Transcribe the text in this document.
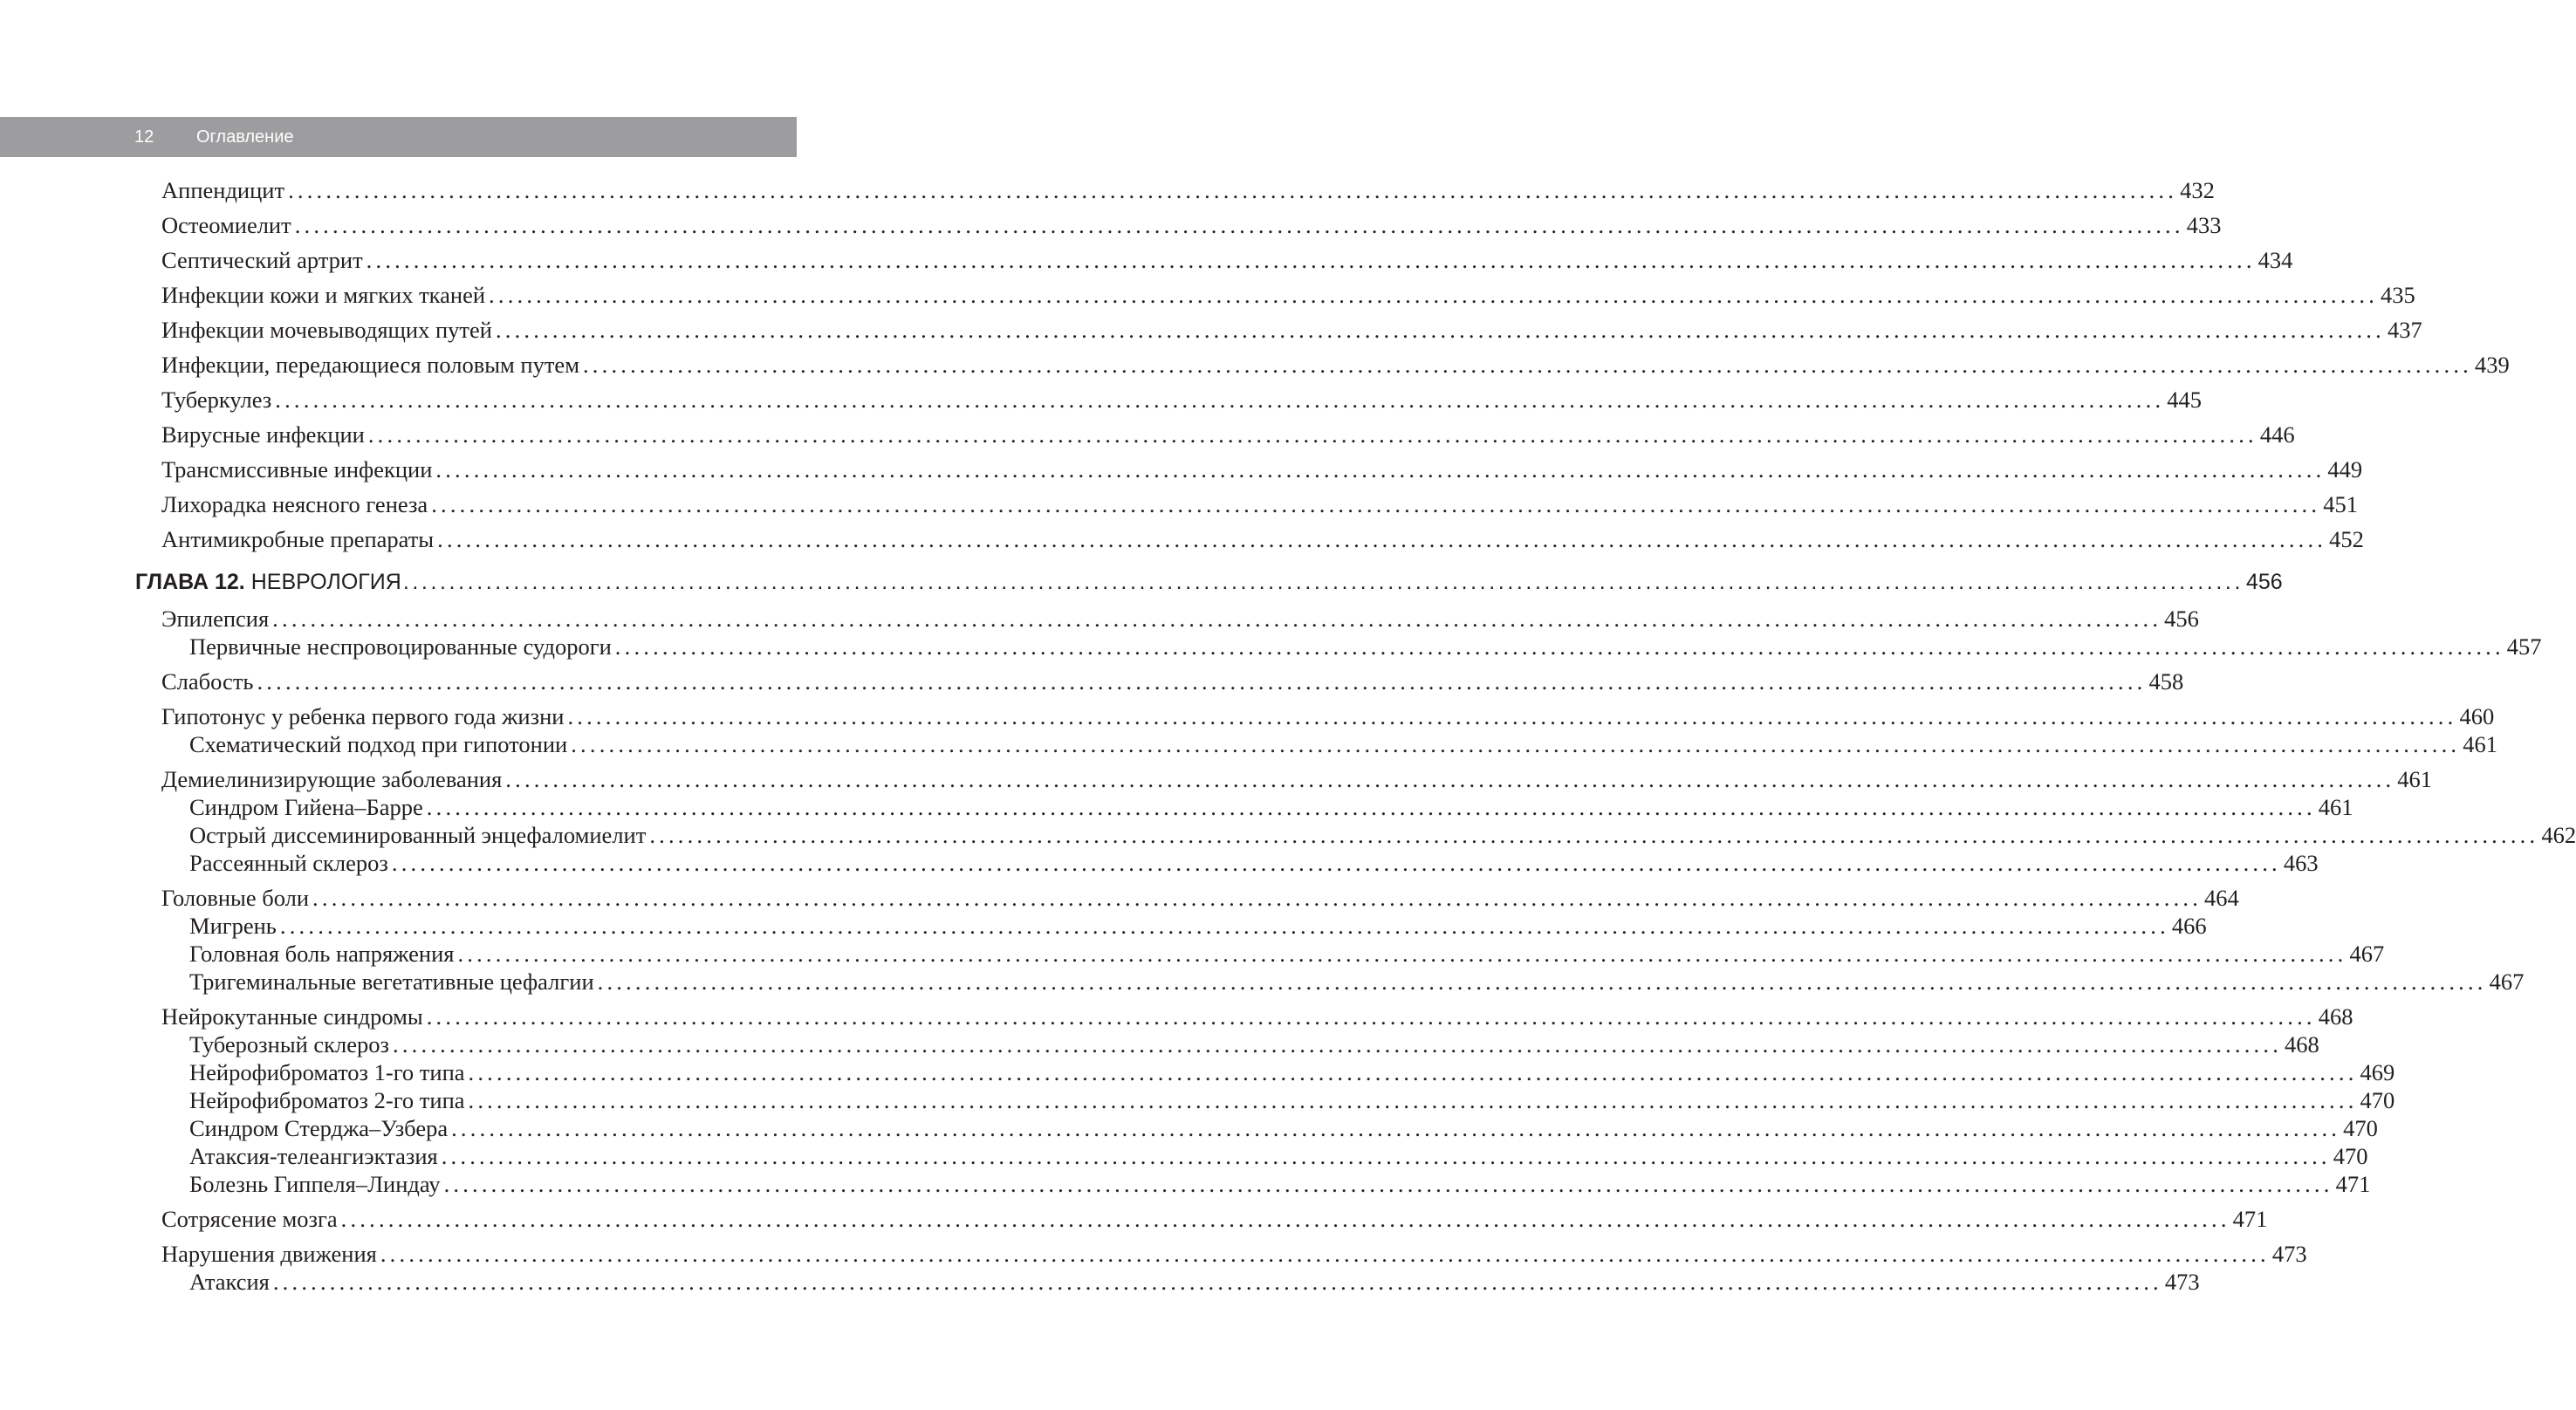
12 Оглавление
Аппендицит ........................................................................................................................................................................................................ 432
Остеомиелит ........................................................................................................................................................................................................ 433
Септический артрит ........................................................................................................................................................................................................ 434
Инфекции кожи и мягких тканей ........................................................................................................................................................................................................ 435
Инфекции мочевыводящих путей ........................................................................................................................................................................................................ 437
Инфекции, передающиеся половым путем ........................................................................................................................................................................................................ 439
Туберкулез ........................................................................................................................................................................................................ 445
Вирусные инфекции ........................................................................................................................................................................................................ 446
Трансмиссивные инфекции ........................................................................................................................................................................................................ 449
Лихорадка неясного генеза ........................................................................................................................................................................................................ 451
Антимикробные препараты ........................................................................................................................................................................................................ 452
ГЛАВА 12. НЕВРОЛОГИЯ ........................................................................................................................................................................................................ 456
Эпилепсия ........................................................................................................................................................................................................ 456
Первичные неспровоцированные судороги ........................................................................................................................................................................................................ 457
Слабость ........................................................................................................................................................................................................ 458
Гипотонус у ребенка первого года жизни ........................................................................................................................................................................................................ 460
Схематический подход при гипотонии ........................................................................................................................................................................................................ 461
Демиелинизирующие заболевания ........................................................................................................................................................................................................ 461
Синдром Гийена–Барре ........................................................................................................................................................................................................ 461
Острый диссеминированный энцефаломиелит ........................................................................................................................................................................................................ 462
Рассеянный склероз ........................................................................................................................................................................................................ 463
Головные боли ........................................................................................................................................................................................................ 464
Мигрень ........................................................................................................................................................................................................ 466
Головная боль напряжения ........................................................................................................................................................................................................ 467
Тригеминальные вегетативные цефалгии ........................................................................................................................................................................................................ 467
Нейрокутанные синдромы ........................................................................................................................................................................................................ 468
Туберозный склероз ........................................................................................................................................................................................................ 468
Нейрофиброматоз 1-го типа ........................................................................................................................................................................................................ 469
Нейрофиброматоз 2-го типа ........................................................................................................................................................................................................ 470
Синдром Стерджа–Узбера ........................................................................................................................................................................................................ 470
Атаксия-телеангиэктазия ........................................................................................................................................................................................................ 470
Болезнь Гиппеля–Линдау ........................................................................................................................................................................................................ 471
Сотрясение мозга ........................................................................................................................................................................................................ 471
Нарушения движения ........................................................................................................................................................................................................ 473
Атаксия ........................................................................................................................................................................................................ 473
